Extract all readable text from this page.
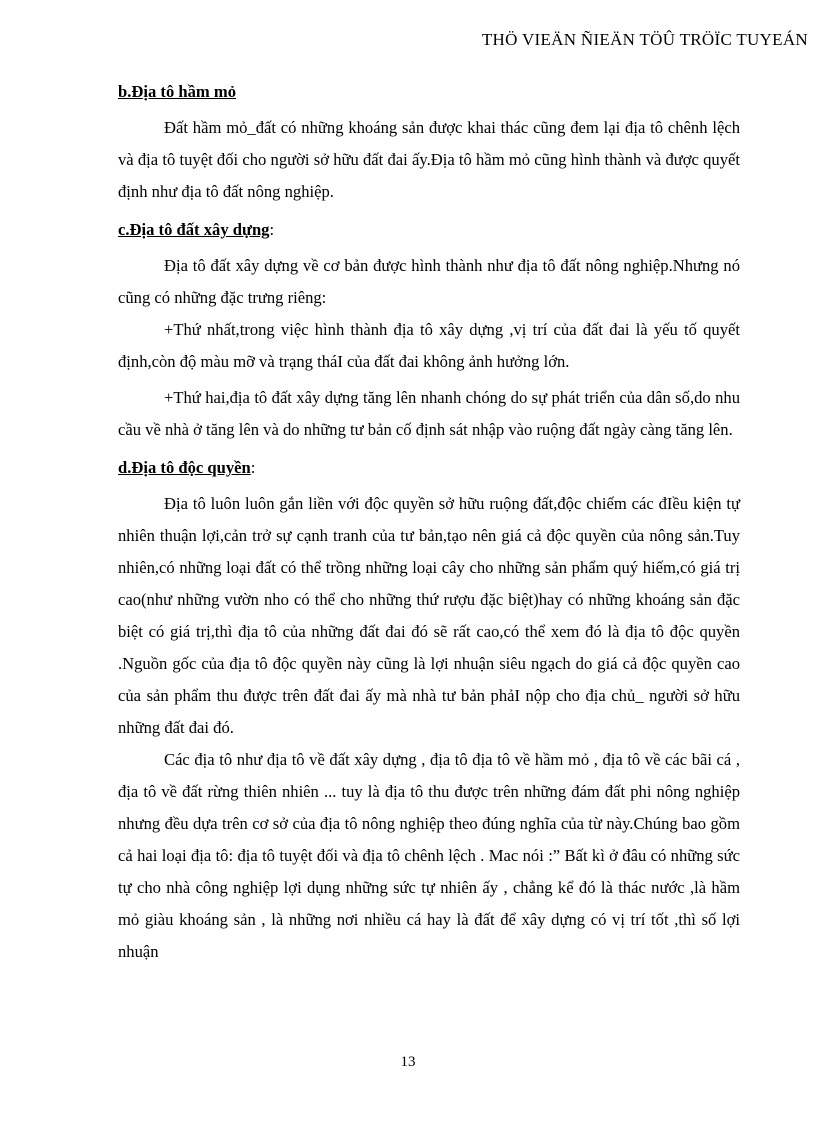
THÖ VIEÄN ÑIEÄN TÖÛ TRÖÏC TUYEÁN

b.Địa tô hầm mỏ

Đất hầm mỏ_đất có những khoáng sản được khai thác cũng đem lại địa tô chênh lệch và địa tô tuyệt đối cho người sở hữu đất đai ấy.Địa tô hầm mỏ cũng hình thành và được quyết định như địa tô đất nông nghiệp.

c.Địa tô đất xây dựng:

Địa tô đất xây dựng về cơ bản được hình thành như địa tô đất nông nghiệp.Nhưng nó cũng có những đặc trưng riêng:

+Thứ nhất,trong việc hình thành địa tô xây dựng ,vị trí của đất đai là yếu tố quyết định,còn độ màu mỡ và trạng tháI của đất đai không ảnh hưởng lớn.

+Thứ hai,địa tô đất xây dựng tăng lên nhanh chóng do sự phát triển của dân số,do nhu cầu về nhà ở tăng lên và do những tư bản cố định sát nhập vào ruộng đất ngày càng tăng lên.

d.Địa tô độc quyền:

Địa tô luôn luôn gắn liền với độc quyền sở hữu ruộng đất,độc chiếm các đIều kiện tự nhiên thuận lợi,cản trở sự cạnh tranh của tư bản,tạo nên giá cả độc quyền của nông sản.Tuy nhiên,có những loại đất có thể trồng những loại cây cho những sản phẩm quý hiếm,có giá trị cao(như những vườn nho có thể cho những thứ rượu đặc biệt)hay có những khoáng sản đặc biệt có giá trị,thì địa tô của những đất đai đó sẽ rất cao,có thể xem đó là địa tô độc quyền .Nguồn gốc của địa tô độc quyền này cũng là lợi nhuận siêu ngạch do giá cả độc quyền cao của sản phẩm thu được trên đất đai ấy mà nhà tư bản phảI nộp cho địa chủ_ người sở hữu những đất đai đó.

Các địa tô như địa tô về đất xây dựng , địa tô địa tô về hầm mỏ , địa tô về các bãi cá , địa tô về đất rừng thiên nhiên ... tuy là địa tô thu được trên những đám đất phi nông nghiệp nhưng đều dựa trên cơ sở của địa tô nông nghiệp theo đúng nghĩa của từ này.Chúng bao gồm cả hai loại địa tô: địa tô tuyệt đối và địa tô chênh lệch . Mac nói :” Bất kì ở đâu có những sức tự cho nhà công nghiệp lợi dụng những sức tự nhiên ấy , chẳng kể đó là thác nước ,là hầm mỏ giàu khoáng sản , là những nơi nhiều cá hay là đất để xây dựng có vị trí tốt ,thì số lợi nhuận

13
